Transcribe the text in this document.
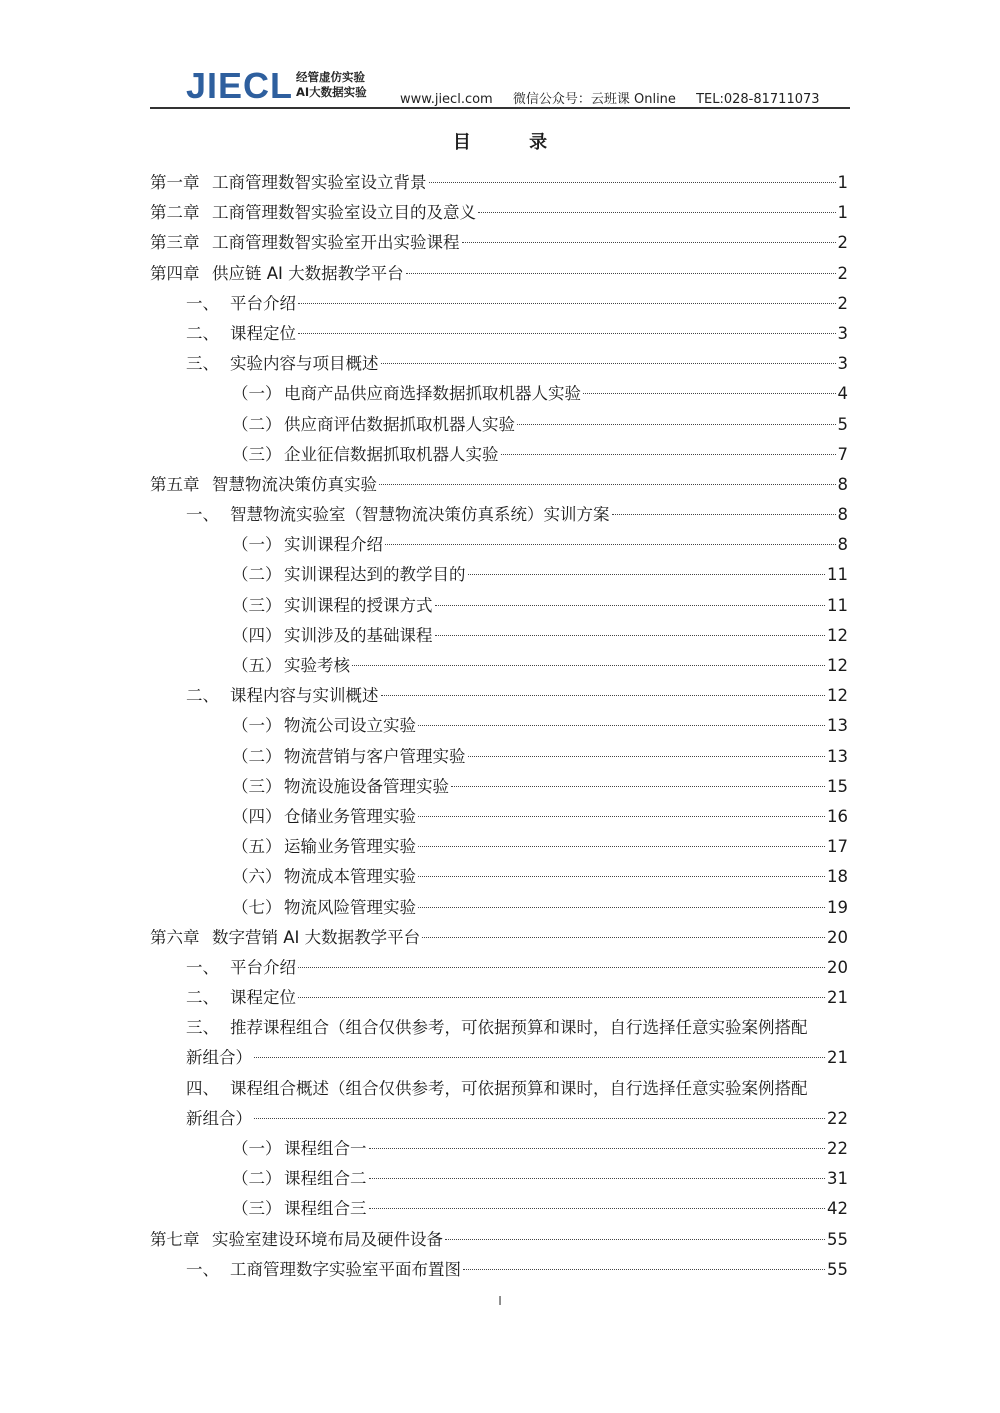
JIECL 经管虚仿实验
AI大数据实验	www.jiecl.com 微信公众号：云班课 Online TEL:028-81711073
目 录
第一章 工商管理数智实验室设立背景	1
第二章 工商管理数智实验室设立目的及意义	1
第三章 工商管理数智实验室开出实验课程	2
第四章 供应链 AI 大数据教学平台	2
一、 平台介绍	2
二、 课程定位	3
三、 实验内容与项目概述	3
（一） 电商产品供应商选择数据抓取机器人实验	4
（二） 供应商评估数据抓取机器人实验	5
（三） 企业征信数据抓取机器人实验	7
第五章 智慧物流决策仿真实验	8
一、 智慧物流实验室（智慧物流决策仿真系统）实训方案	8
（一） 实训课程介绍	8
（二） 实训课程达到的教学目的	11
（三） 实训课程的授课方式	11
（四） 实训涉及的基础课程	12
（五） 实验考核	12
二、 课程内容与实训概述	12
（一） 物流公司设立实验	13
（二） 物流营销与客户管理实验	13
（三） 物流设施设备管理实验	15
（四） 仓储业务管理实验	16
（五） 运输业务管理实验	17
（六） 物流成本管理实验	18
（七） 物流风险管理实验	19
第六章 数字营销 AI 大数据教学平台	20
一、 平台介绍	20
二、 课程定位	21
三、 推荐课程组合（组合仅供参考，可依据预算和课时，自行选择任意实验案例搭配
新组合）	21
四、 课程组合概述（组合仅供参考，可依据预算和课时，自行选择任意实验案例搭配
新组合）	22
（一） 课程组合一	22
（二） 课程组合二	31
（三） 课程组合三	42
第七章 实验室建设环境布局及硬件设备	55
一、 工商管理数字实验室平面布置图	55
I
